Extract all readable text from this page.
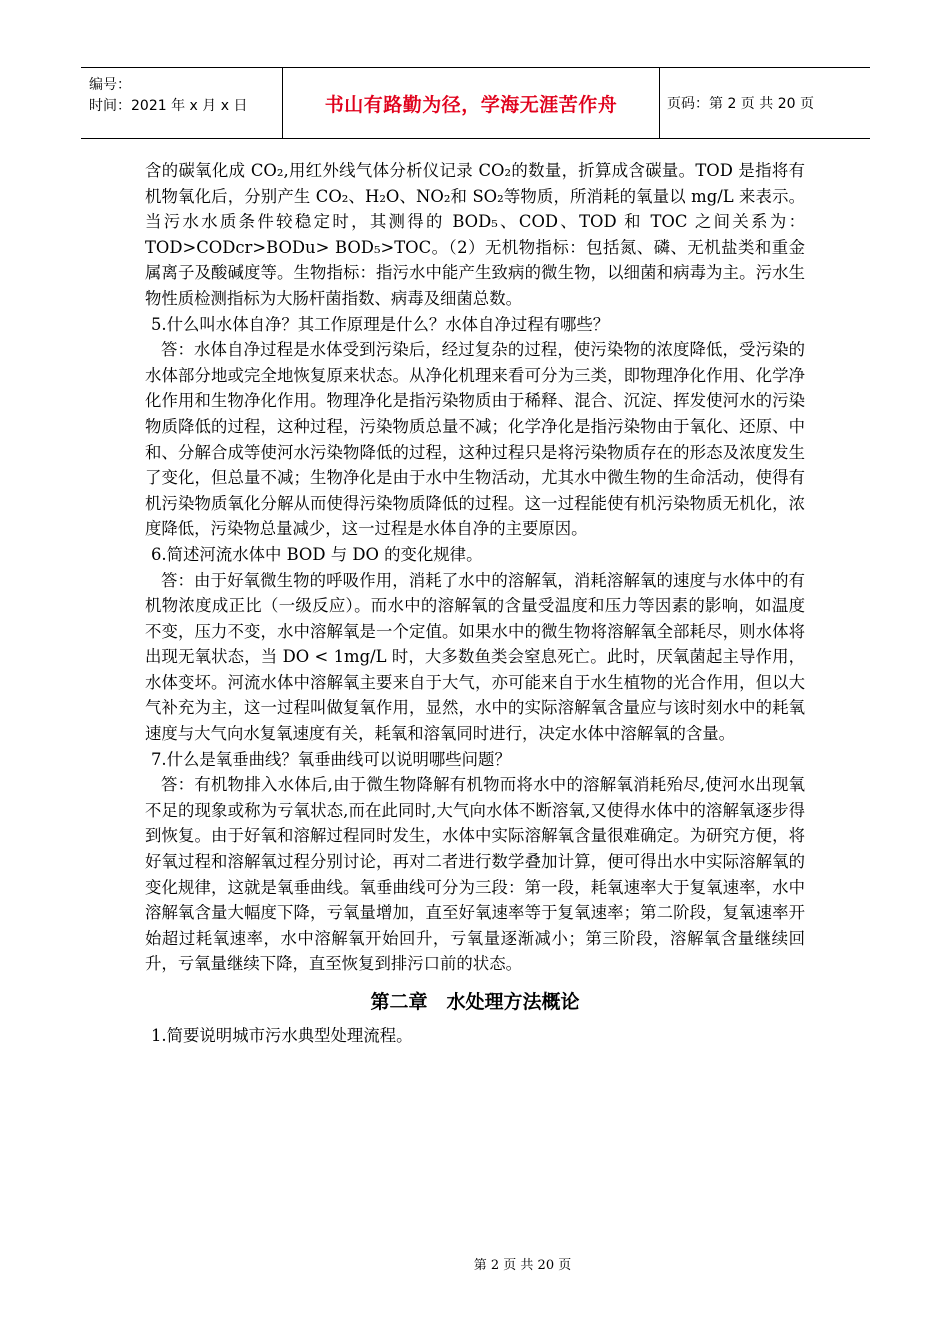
编号：
时间：2021 年 x 月 x 日	书山有路勤为径，学海无涯苦作舟	页码：第 2 页 共 20 页

含的碳氧化成 CO₂,用红外线气体分析仪记录 CO₂的数量，折算成含碳量。TOD 是指将有机物氧化后，分别产生 CO₂、H₂O、NO₂和 SO₂等物质，所消耗的氧量以 mg/L 来表示。当污水水质条件较稳定时，其测得的 BOD₅、COD、TOD 和 TOC 之间关系为：TOD>CODcr>BODu> BOD₅>TOC。（2）无机物指标：包括氮、磷、无机盐类和重金属离子及酸碱度等。生物指标：指污水中能产生致病的微生物，以细菌和病毒为主。污水生物性质检测指标为大肠杆菌指数、病毒及细菌总数。

5.什么叫水体自净？其工作原理是什么？水体自净过程有哪些？

答：水体自净过程是水体受到污染后，经过复杂的过程，使污染物的浓度降低，受污染的水体部分地或完全地恢复原来状态。从净化机理来看可分为三类，即物理净化作用、化学净化作用和生物净化作用。物理净化是指污染物质由于稀释、混合、沉淀、挥发使河水的污染物质降低的过程，这种过程，污染物质总量不减；化学净化是指污染物由于氧化、还原、中和、分解合成等使河水污染物降低的过程，这种过程只是将污染物质存在的形态及浓度发生了变化，但总量不减；生物净化是由于水中生物活动，尤其水中微生物的生命活动，使得有机污染物质氧化分解从而使得污染物质降低的过程。这一过程能使有机污染物质无机化，浓度降低，污染物总量减少，这一过程是水体自净的主要原因。

6.简述河流水体中 BOD 与 DO 的变化规律。

答：由于好氧微生物的呼吸作用，消耗了水中的溶解氧，消耗溶解氧的速度与水体中的有机物浓度成正比（一级反应）。而水中的溶解氧的含量受温度和压力等因素的影响，如温度不变，压力不变，水中溶解氧是一个定值。如果水中的微生物将溶解氧全部耗尽，则水体将出现无氧状态，当 DO < 1mg/L 时，大多数鱼类会窒息死亡。此时，厌氧菌起主导作用，水体变坏。河流水体中溶解氧主要来自于大气，亦可能来自于水生植物的光合作用，但以大气补充为主，这一过程叫做复氧作用，显然，水中的实际溶解氧含量应与该时刻水中的耗氧速度与大气向水复氧速度有关，耗氧和溶氧同时进行，决定水体中溶解氧的含量。

7.什么是氧垂曲线？氧垂曲线可以说明哪些问题？

答：有机物排入水体后,由于微生物降解有机物而将水中的溶解氧消耗殆尽,使河水出现氧不足的现象或称为亏氧状态,而在此同时,大气向水体不断溶氧,又使得水体中的溶解氧逐步得到恢复。由于好氧和溶解过程同时发生，水体中实际溶解氧含量很难确定。为研究方便，将好氧过程和溶解氧过程分别讨论，再对二者进行数学叠加计算，便可得出水中实际溶解氧的变化规律，这就是氧垂曲线。氧垂曲线可分为三段：第一段，耗氧速率大于复氧速率，水中溶解氧含量大幅度下降，亏氧量增加，直至好氧速率等于复氧速率；第二阶段，复氧速率开始超过耗氧速率，水中溶解氧开始回升，亏氧量逐渐减小；第三阶段，溶解氧含量继续回升，亏氧量继续下降，直至恢复到排污口前的状态。

第二章　水处理方法概论

1.简要说明城市污水典型处理流程。

第 2 页 共 20 页
